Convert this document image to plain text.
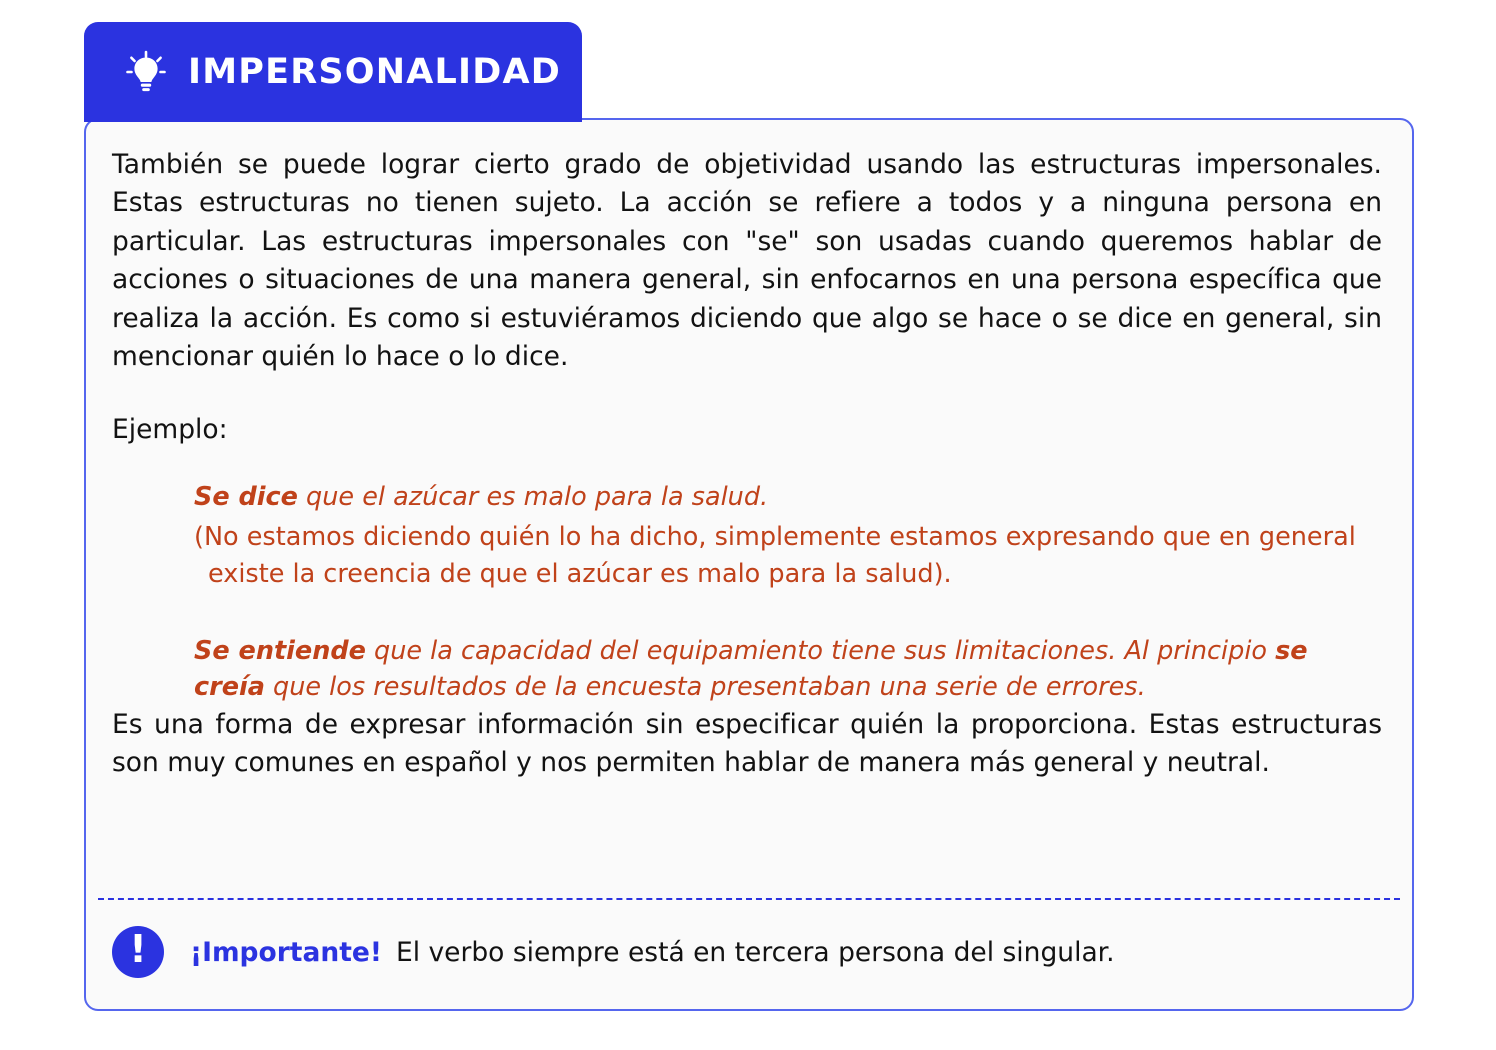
IMPERSONALIDAD

También se puede lograr cierto grado de objetividad usando las estructuras impersonales. Estas estructuras no tienen sujeto. La acción se refiere a todos y a ninguna persona en particular. Las estructuras impersonales con "se" son usadas cuando queremos hablar de acciones o situaciones de una manera general, sin enfocarnos en una persona específica que realiza la acción. Es como si estuviéramos diciendo que algo se hace o se dice en general, sin mencionar quién lo hace o lo dice.

Ejemplo:
Se dice que el azúcar es malo para la salud.
(No estamos diciendo quién lo ha dicho, simplemente estamos expresando que en general existe la creencia de que el azúcar es malo para la salud).
Se entiende que la capacidad del equipamiento tiene sus limitaciones. Al principio se creía que los resultados de la encuesta presentaban una serie de errores.

Es una forma de expresar información sin especificar quién la proporciona. Estas estructuras son muy comunes en español y nos permiten hablar de manera más general y neutral.

! ¡Importante! El verbo siempre está en tercera persona del singular.
